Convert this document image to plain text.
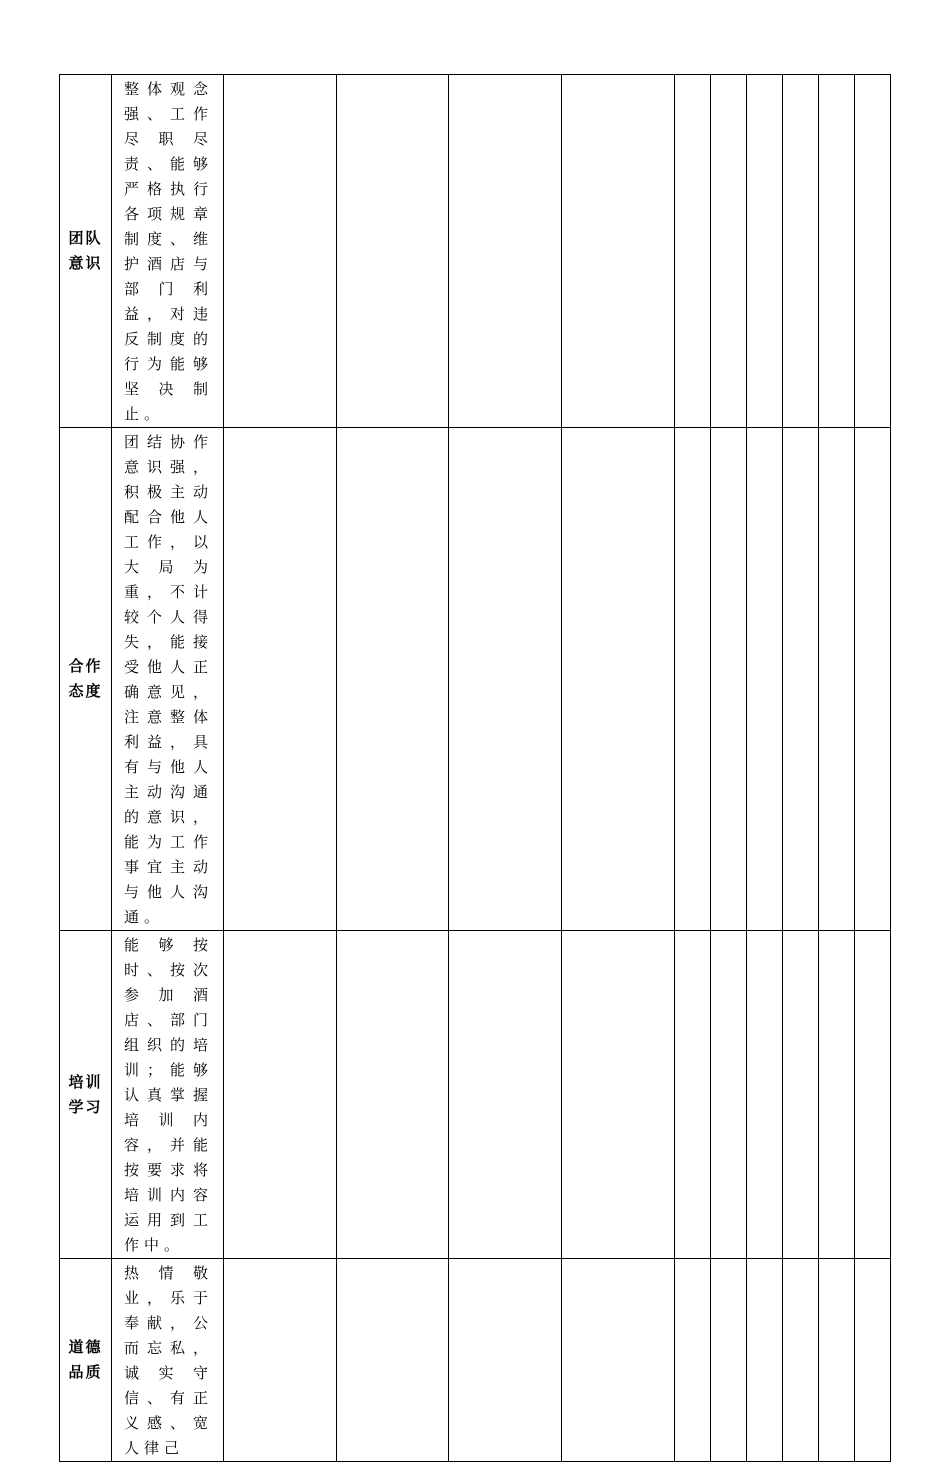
团队意识	整体观念强、工作尽职尽责、能够严格执行各项规章制度、维护酒店与部门利益，对违反制度的行为能够坚决制止。										

合作态度	团结协作意识强，积极主动配合他人工作，以大局为重，不计较个人得失，能接受他人正确意见，注意整体利益，具有与他人主动沟通的意识，能为工作事宜主动与他人沟通。										

培训学习	能够按时、按次参加酒店、部门组织的培训；能够认真掌握培训内容，并能按要求将培训内容运用到工作中。										

道德品质	热情敬业，乐于奉献，公而忘私，诚实守信、有正义感、宽人律己										
